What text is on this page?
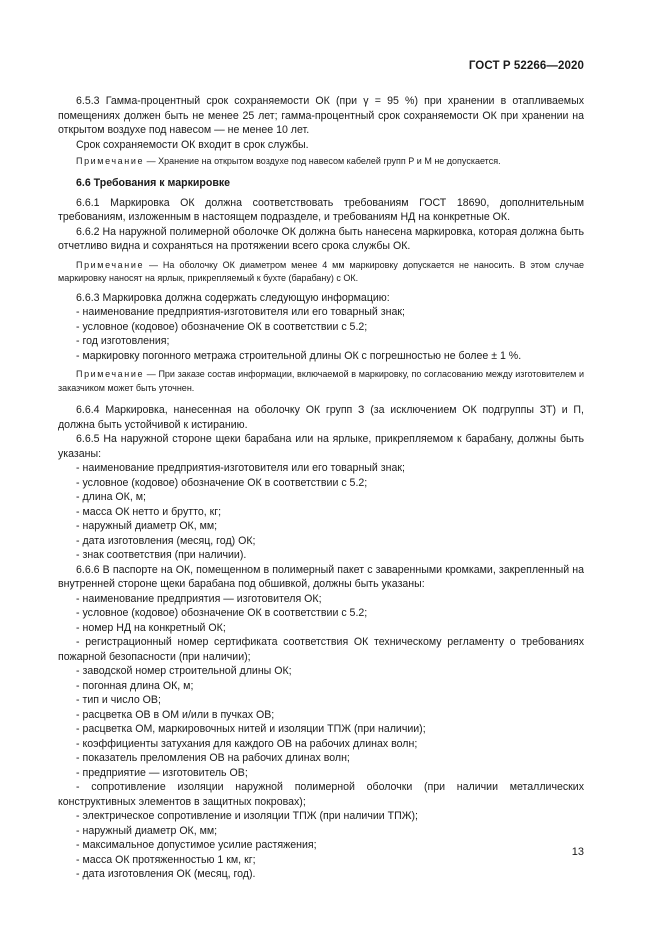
ГОСТ Р 52266—2020

6.5.3 Гамма-процентный срок сохраняемости ОК (при γ = 95 %) при хранении в отапливаемых помещениях должен быть не менее 25 лет; гамма-процентный срок сохраняемости ОК при хранении на открытом воздухе под навесом — не менее 10 лет.

Срок сохраняемости ОК входит в срок службы.

Примечание — Хранение на открытом воздухе под навесом кабелей групп Р и М не допускается.

6.6 Требования к маркировке

6.6.1 Маркировка ОК должна соответствовать требованиям ГОСТ 18690, дополнительным требованиям, изложенным в настоящем подразделе, и требованиям НД на конкретные ОК.

6.6.2 На наружной полимерной оболочке ОК должна быть нанесена маркировка, которая должна быть отчетливо видна и сохраняться на протяжении всего срока службы ОК.

Примечание — На оболочку ОК диаметром менее 4 мм маркировку допускается не наносить. В этом случае маркировку наносят на ярлык, прикрепляемый к бухте (барабану) с ОК.

6.6.3 Маркировка должна содержать следующую информацию:

- наименование предприятия-изготовителя или его товарный знак;

- условное (кодовое) обозначение ОК в соответствии с 5.2;

- год изготовления;

- маркировку погонного метража строительной длины ОК с погрешностью не более ± 1 %.

Примечание — При заказе состав информации, включаемой в маркировку, по согласованию между изготовителем и заказчиком может быть уточнен.

6.6.4 Маркировка, нанесенная на оболочку ОК групп З (за исключением ОК подгруппы ЗТ) и П, должна быть устойчивой к истиранию.

6.6.5 На наружной стороне щеки барабана или на ярлыке, прикрепляемом к барабану, должны быть указаны:

- наименование предприятия-изготовителя или его товарный знак;

- условное (кодовое) обозначение ОК в соответствии с 5.2;

- длина ОК, м;

- масса ОК нетто и брутто, кг;

- наружный диаметр ОК, мм;

- дата изготовления (месяц, год) ОК;

- знак соответствия (при наличии).

6.6.6 В паспорте на ОК, помещенном в полимерный пакет с заваренными кромками, закрепленный на внутренней стороне щеки барабана под обшивкой, должны быть указаны:

- наименование предприятия — изготовителя ОК;

- условное (кодовое) обозначение ОК в соответствии с 5.2;

- номер НД на конкретный ОК;

- регистрационный номер сертификата соответствия ОК техническому регламенту о требованиях пожарной безопасности (при наличии);

- заводской номер строительной длины ОК;

- погонная длина ОК, м;

- тип и число ОВ;

- расцветка ОВ в ОМ и/или в пучках ОВ;

- расцветка ОМ, маркировочных нитей и изоляции ТПЖ (при наличии);

- коэффициенты затухания для каждого ОВ на рабочих длинах волн;

- показатель преломления ОВ на рабочих длинах волн;

- предприятие — изготовитель ОВ;

- сопротивление изоляции наружной полимерной оболочки (при наличии металлических конструктивных элементов в защитных покровах);

- электрическое сопротивление и изоляции ТПЖ (при наличии ТПЖ);

- наружный диаметр ОК, мм;

- максимальное допустимое усилие растяжения;

- масса ОК протяженностью 1 км, кг;

- дата изготовления ОК (месяц, год).

13
